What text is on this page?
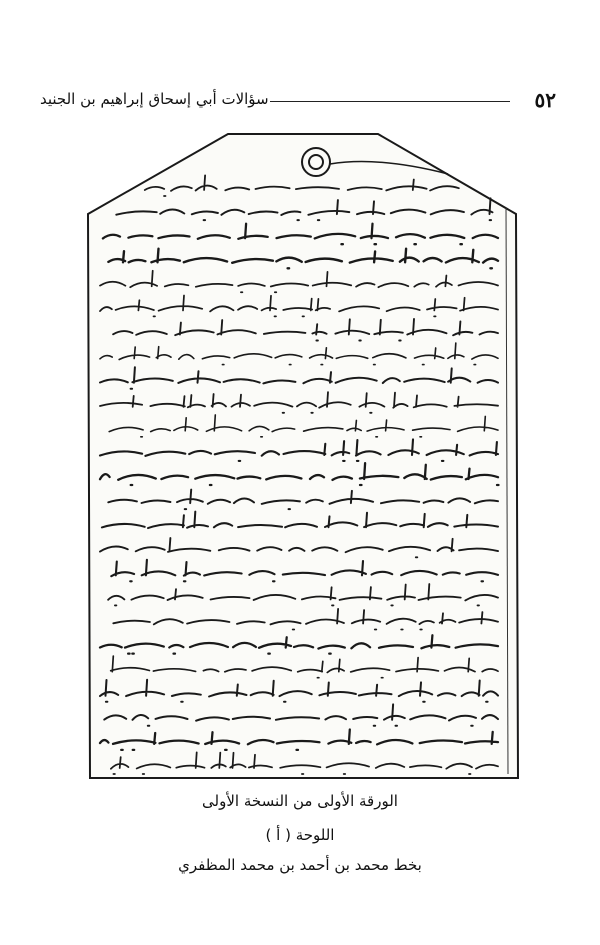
٥٢
سؤالات أبي إسحاق إبراهيم بن الجنيد
الورقة الأولى من النسخة الأولى
اللوحة ( أ )
بخط محمد بن أحمد بن محمد المظفري
